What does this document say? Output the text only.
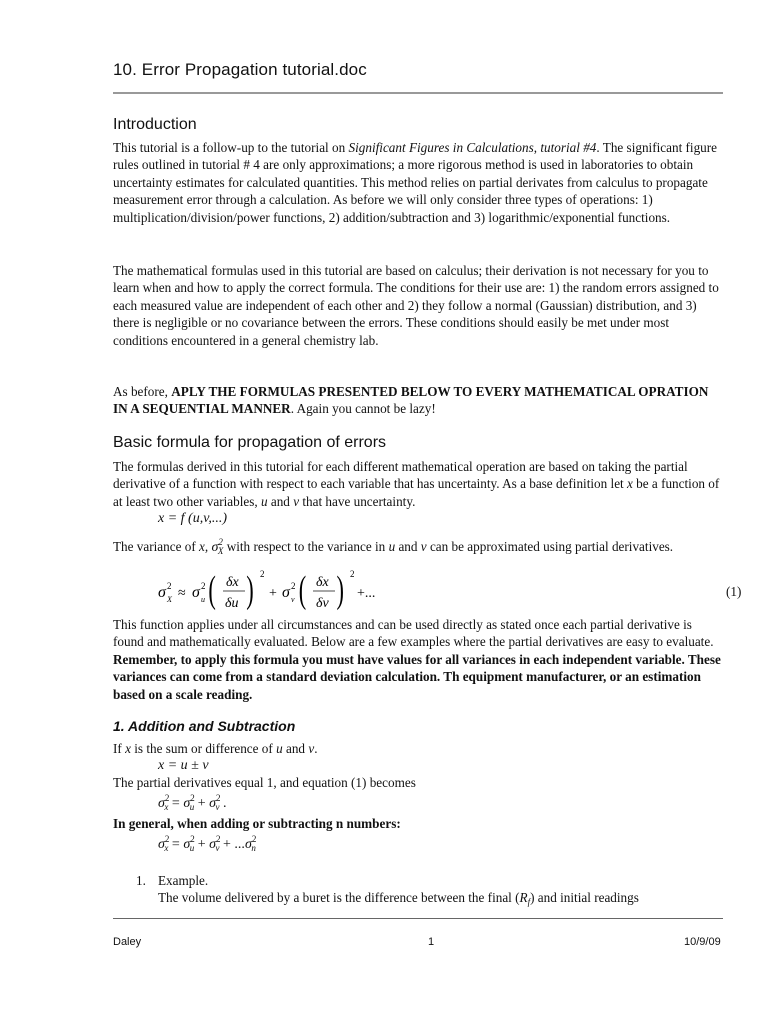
10. Error Propagation tutorial.doc
Introduction

This tutorial is a follow-up to the tutorial on Significant Figures in Calculations, tutorial #4. The significant figure rules outlined in tutorial # 4 are only approximations; a more rigorous method is used in laboratories to obtain uncertainty estimates for calculated quantities. This method relies on partial derivates from calculus to propagate measurement error through a calculation. As before we will only consider three types of operations: 1) multiplication/division/power functions, 2) addition/subtraction and 3) logarithmic/exponential functions.

The mathematical formulas used in this tutorial are based on calculus; their derivation is not necessary for you to learn when and how to apply the correct formula. The conditions for their use are: 1) the random errors assigned to each measured value are independent of each other and 2) they follow a normal (Gaussian) distribution, and 3) there is negligible or no covariance between the errors. These conditions should easily be met under most conditions encountered in a general chemistry lab.

As before, APLY THE FORMULAS PRESENTED BELOW TO EVERY MATHEMATICAL OPRATION IN A SEQUENTIAL MANNER. Again you cannot be lazy!

Basic formula for propagation of errors

The formulas derived in this tutorial for each different mathematical operation are based on taking the partial derivative of a function with respect to each variable that has uncertainty. As a base definition let x be a function of at least two other variables, u and v that have uncertainty.

x = f (u,v,...)

The variance of x, $\sigma^2_X$ with respect to the variance in u and v can be approximated using partial derivatives.

σ 2
X ≈ σ 2
u ( δx
δu ) 2
+ σ 2
v ( δx
δv ) 2
+...	(1)

This function applies under all circumstances and can be used directly as stated once each partial derivative is found and mathematically evaluated. Below are a few examples where the partial derivatives are easy to evaluate. Remember, to apply this formula you must have values for all variances in each independent variable. These variances can come from a standard deviation calculation. Th equipment manufacturer, or an estimation based on a scale reading.

1. Addition and Subtraction
If x is the sum or difference of u and v.
x = u ± v
The partial derivatives equal 1, and equation (1) becomes
$\sigma^2_x = \sigma^2_u + \sigma^2_v$ .
In general, when adding or subtracting n numbers:
$\sigma^2_x = \sigma^2_u + \sigma^2_v + ...\sigma^2_n$
1. Example.
The volume delivered by a buret is the difference between the final $(R_f)$ and initial readings
Daley	1	10/9/09
